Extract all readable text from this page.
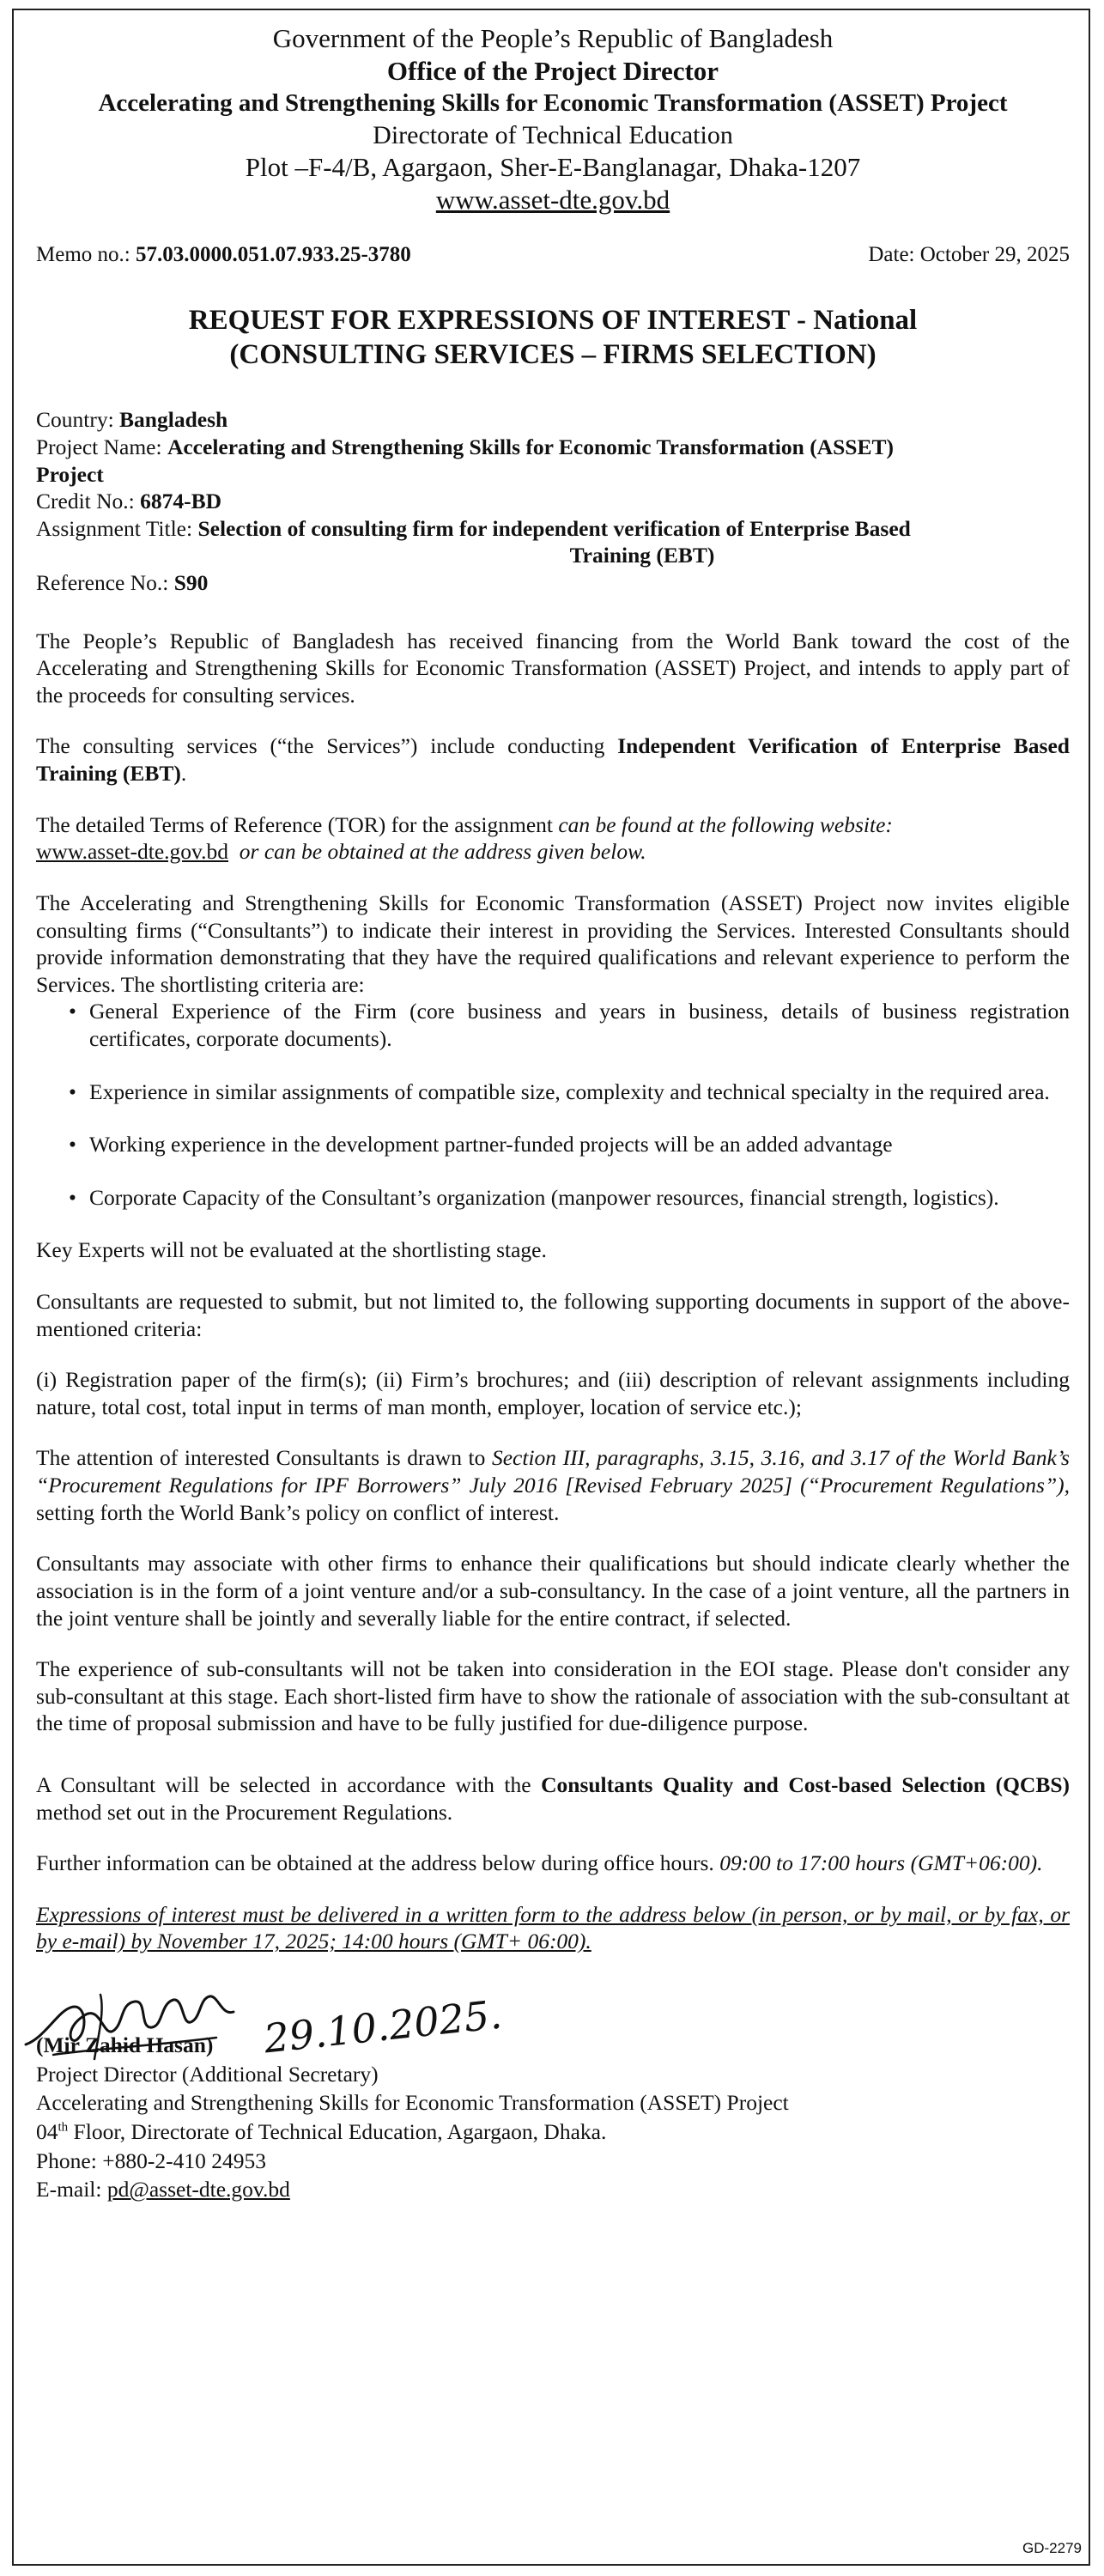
Government of the People’s Republic of Bangladesh
Office of the Project Director
Accelerating and Strengthening Skills for Economic Transformation (ASSET) Project
Directorate of Technical Education
Plot –F-4/B, Agargaon, Sher-E-Banglanagar, Dhaka-1207
www.asset-dte.gov.bd
Memo no.: 57.03.0000.051.07.933.25-3780	Date: October 29, 2025
REQUEST FOR EXPRESSIONS OF INTEREST - National
(CONSULTING SERVICES – FIRMS SELECTION)
Country: Bangladesh
Project Name: Accelerating and Strengthening Skills for Economic Transformation (ASSET)
Project
Credit No.: 6874-BD
Assignment Title: Selection of consulting firm for independent verification of Enterprise Based
Training (EBT)
Reference No.: S90

The People’s Republic of Bangladesh has received financing from the World Bank toward the cost of the Accelerating and Strengthening Skills for Economic Transformation (ASSET) Project, and intends to apply part of the proceeds for consulting services.

The consulting services (“the Services”) include conducting Independent Verification of Enterprise Based Training (EBT).

The detailed Terms of Reference (TOR) for the assignment can be found at the following website:
www.asset-dte.gov.bd or can be obtained at the address given below.

The Accelerating and Strengthening Skills for Economic Transformation (ASSET) Project now invites eligible consulting firms (“Consultants”) to indicate their interest in providing the Services. Interested Consultants should provide information demonstrating that they have the required qualifications and relevant experience to perform the Services. The shortlisting criteria are:

• General Experience of the Firm (core business and years in business, details of business registration certificates, corporate documents).
• Experience in similar assignments of compatible size, complexity and technical specialty in the required area.
• Working experience in the development partner-funded projects will be an added advantage
• Corporate Capacity of the Consultant’s organization (manpower resources, financial strength, logistics).

Key Experts will not be evaluated at the shortlisting stage.

Consultants are requested to submit, but not limited to, the following supporting documents in support of the above-mentioned criteria:

(i) Registration paper of the firm(s); (ii) Firm’s brochures; and (iii) description of relevant assignments including nature, total cost, total input in terms of man month, employer, location of service etc.);

The attention of interested Consultants is drawn to Section III, paragraphs, 3.15, 3.16, and 3.17 of the World Bank’s “Procurement Regulations for IPF Borrowers” July 2016 [Revised February 2025] (“Procurement Regulations”), setting forth the World Bank’s policy on conflict of interest.

Consultants may associate with other firms to enhance their qualifications but should indicate clearly whether the association is in the form of a joint venture and/or a sub-consultancy. In the case of a joint venture, all the partners in the joint venture shall be jointly and severally liable for the entire contract, if selected.

The experience of sub-consultants will not be taken into consideration in the EOI stage. Please don't consider any sub-consultant at this stage. Each short-listed firm have to show the rationale of association with the sub-consultant at the time of proposal submission and have to be fully justified for due-diligence purpose.

A Consultant will be selected in accordance with the Consultants Quality and Cost-based Selection (QCBS) method set out in the Procurement Regulations.

Further information can be obtained at the address below during office hours. 09:00 to 17:00 hours (GMT+06:00).

Expressions of interest must be delivered in a written form to the address below (in person, or by mail, or by fax, or by e-mail) by November 17, 2025; 14:00 hours (GMT+ 06:00).

29.10.2025.
(Mir Zahid Hasan)
Project Director (Additional Secretary)
Accelerating and Strengthening Skills for Economic Transformation (ASSET) Project
04th Floor, Directorate of Technical Education, Agargaon, Dhaka.
Phone: +880-2-410 24953
E-mail: pd@asset-dte.gov.bd
GD-2279
